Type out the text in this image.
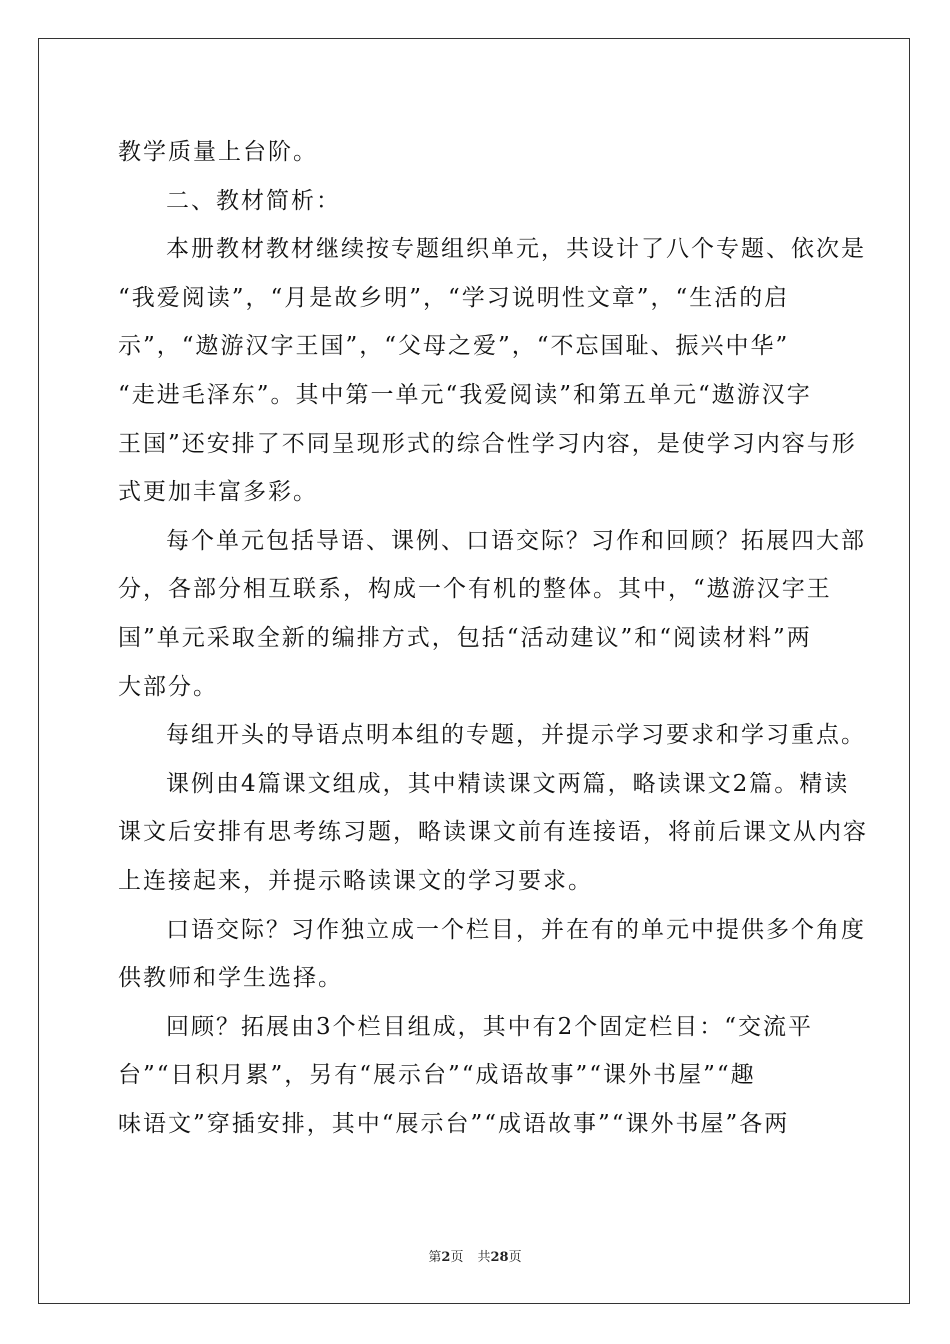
教学质量上台阶。
二、教材简析：
本册教材教材继续按专题组织单元，共设计了八个专题、依次是
“我爱阅读”，“月是故乡明”，“学习说明性文章”，“生活的启
示”，“遨游汉字王国”，“父母之爱”，“不忘国耻、振兴中华”
“走进毛泽东”。其中第一单元“我爱阅读”和第五单元“遨游汉字
王国”还安排了不同呈现形式的综合性学习内容，是使学习内容与形
式更加丰富多彩。
每个单元包括导语、课例、口语交际？习作和回顾？拓展四大部
分，各部分相互联系，构成一个有机的整体。其中，“遨游汉字王
国”单元采取全新的编排方式，包括“活动建议”和“阅读材料”两
大部分。
每组开头的导语点明本组的专题，并提示学习要求和学习重点。
课例由4篇课文组成，其中精读课文两篇，略读课文2篇。精读
课文后安排有思考练习题，略读课文前有连接语，将前后课文从内容
上连接起来，并提示略读课文的学习要求。
口语交际？习作独立成一个栏目，并在有的单元中提供多个角度
供教师和学生选择。
回顾？拓展由3个栏目组成，其中有2个固定栏目：“交流平
台”“日积月累”，另有“展示台”“成语故事”“课外书屋”“趣
味语文”穿插安排，其中“展示台”“成语故事”“课外书屋”各两
第2页 共28页
